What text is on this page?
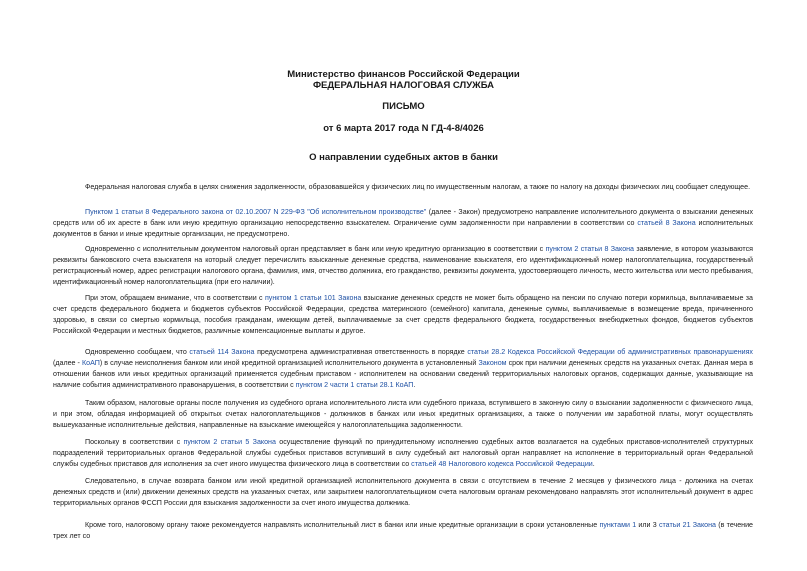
Министерство финансов Российской Федерации
ФЕДЕРАЛЬНАЯ НАЛОГОВАЯ СЛУЖБА
ПИСЬМО
от 6 марта 2017 года N ГД-4-8/4026
О направлении судебных актов в банки

Федеральная налоговая служба в целях снижения задолженности, образовавшейся у физических лиц по имущественным налогам, а также по налогу на доходы физических лиц сообщает следующее.

Пунктом 1 статьи 8 Федерального закона от 02.10.2007 N 229-ФЗ "Об исполнительном производстве" (далее - Закон) предусмотрено направление исполнительного документа о взыскании денежных средств или об их аресте в банк или иную кредитную организацию непосредственно взыскателем. Ограничение сумм задолженности при направлении в соответствии со статьей 8 Закона исполнительных документов в банки и иные кредитные организации, не предусмотрено.

Одновременно с исполнительным документом налоговый орган представляет в банк или иную кредитную организацию в соответствии с пунктом 2 статьи 8 Закона заявление, в котором указываются реквизиты банковского счета взыскателя на который следует перечислить взысканные денежные средства, наименование взыскателя, его идентификационный номер налогоплательщика, государственный регистрационный номер, адрес регистрации налогового органа, фамилия, имя, отчество должника, его гражданство, реквизиты документа, удостоверяющего личность, место жительства или место пребывания, идентификационный номер налогоплательщика (при его наличии).

При этом, обращаем внимание, что в соответствии с пунктом 1 статьи 101 Закона взыскание денежных средств не может быть обращено на пенсии по случаю потери кормильца, выплачиваемые за счет средств федерального бюджета и бюджетов субъектов Российской Федерации, средства материнского (семейного) капитала, денежные суммы, выплачиваемые в возмещение вреда, причиненного здоровью, в связи со смертью кормильца, пособия гражданам, имеющим детей, выплачиваемые за счет средств федерального бюджета, государственных внебюджетных фондов, бюджетов субъектов Российской Федерации и местных бюджетов, различные компенсационные выплаты и другое.

Одновременно сообщаем, что статьей 114 Закона предусмотрена административная ответственность в порядке статьи 28.2 Кодекса Российской Федерации об административных правонарушениях (далее - КоАП) в случае неисполнения банком или иной кредитной организацией исполнительного документа в установленный Законом срок при наличии денежных средств на указанных счетах. Данная мера в отношении банков или иных кредитных организаций применяется судебным приставом - исполнителем на основании сведений территориальных налоговых органов, содержащих данные, указывающие на наличие события административного правонарушения, в соответствии с пунктом 2 части 1 статьи 28.1 КоАП.

Таким образом, налоговые органы после получения из судебного органа исполнительного листа или судебного приказа, вступившего в законную силу о взыскании задолженности с физического лица, и при этом, обладая информацией об открытых счетах налогоплательщиков - должников в банках или иных кредитных организациях, а также о получении им заработной платы, могут осуществлять вышеуказанные исполнительные действия, направленные на взыскание имеющейся у налогоплательщика задолженности.

Поскольку в соответствии с пунктом 2 статьи 5 Закона осуществление функций по принудительному исполнению судебных актов возлагается на судебных приставов-исполнителей структурных подразделений территориальных органов Федеральной службы судебных приставов вступивший в силу судебный акт налоговый орган направляет на исполнение в территориальный орган Федеральной службы судебных приставов для исполнения за счет иного имущества физического лица в соответствии со статьей 48 Налогового кодекса Российской Федерации.

Следовательно, в случае возврата банком или иной кредитной организацией исполнительного документа в связи с отсутствием в течение 2 месяцев у физического лица - должника на счетах денежных средств и (или) движении денежных средств на указанных счетах, или закрытием налогоплательщиком счета налоговым органам рекомендовано направлять этот исполнительный документ в адрес территориальных органов ФССП России для взыскания задолженности за счет иного имущества должника.

Кроме того, налоговому органу также рекомендуется направлять исполнительный лист в банки или иные кредитные организации в сроки установленные пунктами 1 или 3 статьи 21 Закона (в течение трех лет со
